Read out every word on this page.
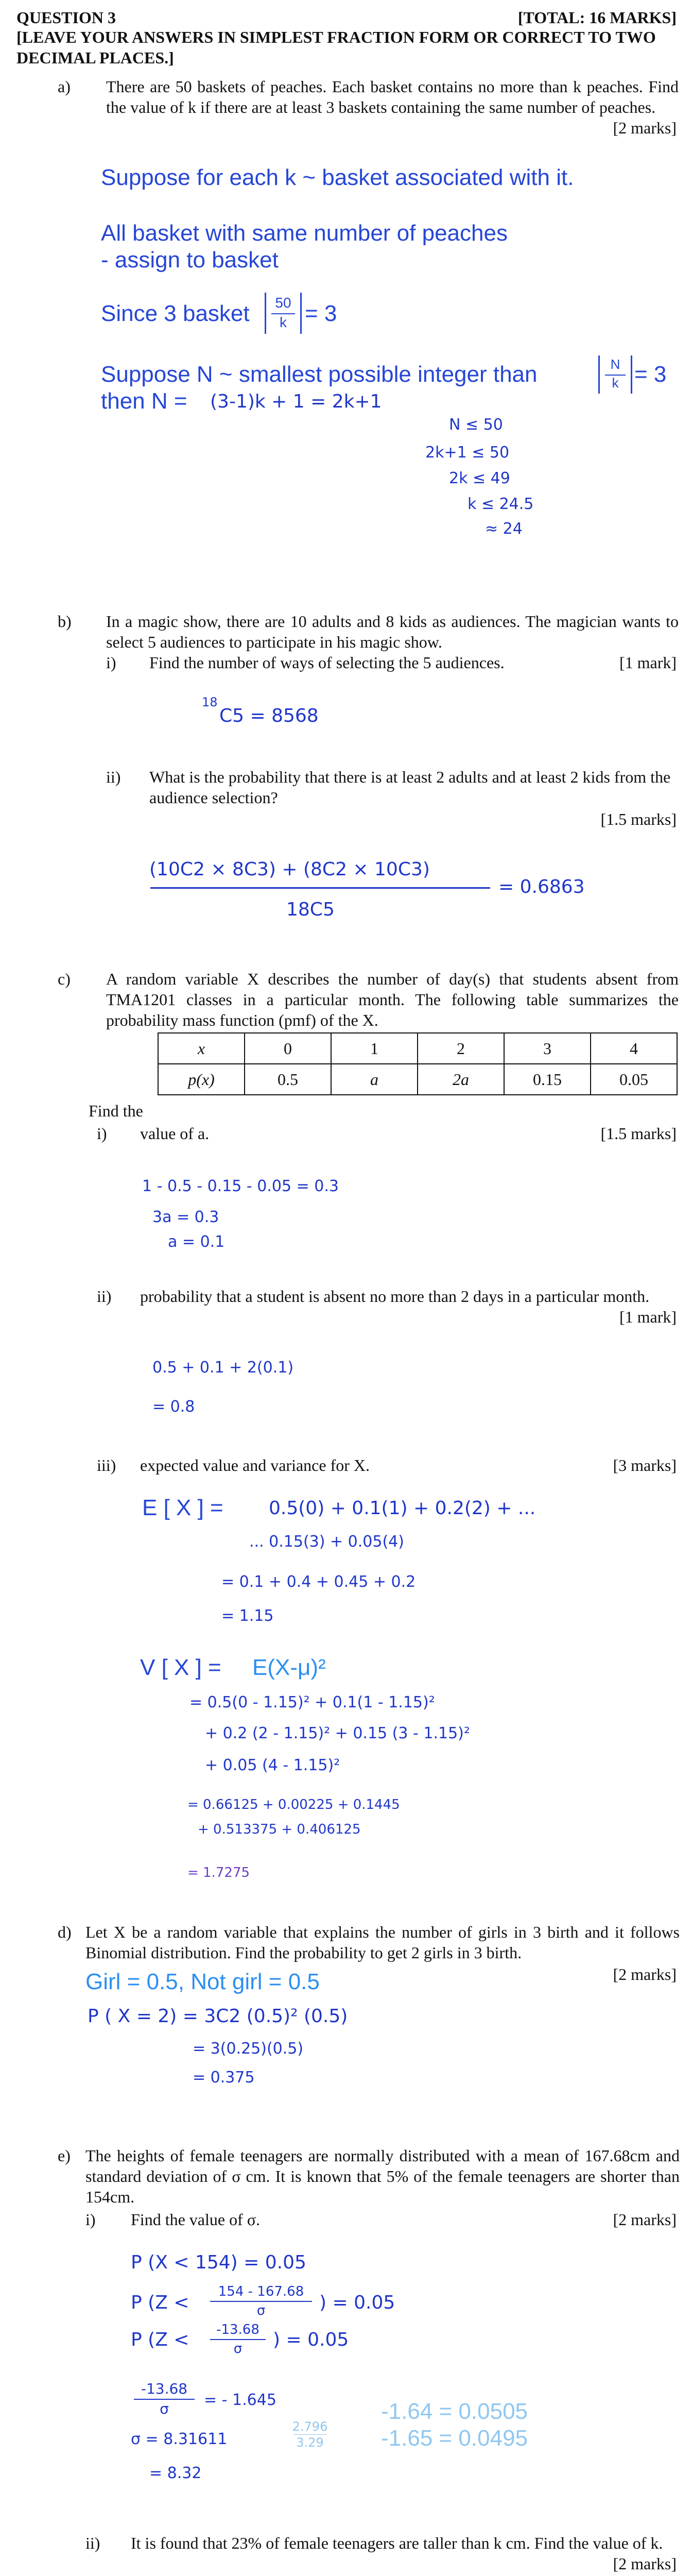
QUESTION 3	[TOTAL: 16 MARKS]
[LEAVE YOUR ANSWERS IN SIMPLEST FRACTION FORM OR CORRECT TO TWO DECIMAL PLACES.]
a) There are 50 baskets of peaches. Each basket contains no more than k peaches. Find the value of k if there are at least 3 baskets containing the same number of peaches.
[2 marks]
Suppose for each k ~ basket associated with it.
All basket with same number of peaches
- assign to basket
Since 3 basket	50
k = 3
Suppose N ~ smallest possible integer than	N
k = 3
then N = (3-1)k + 1 = 2k+1
N ≤ 50
2k+1 ≤ 50
2k ≤ 49
k ≤ 24.5
≈ 24
b) In a magic show, there are 10 adults and 8 kids as audiences. The magician wants to select 5 audiences to participate in his magic show.
i) Find the number of ways of selecting the 5 audiences.	[1 mark]
18
C5 = 8568
ii) What is the probability that there is at least 2 adults and at least 2 kids from the audience selection?
[1.5 marks]
(10C2 × 8C3) + (8C2 × 10C3)
18C5
= 0.6863
c) A random variable X describes the number of day(s) that students absent from TMA1201 classes in a particular month. The following table summarizes the probability mass function (pmf) of the X.
x	0	1	2	3	4
p(x)	0.5	a	2a	0.15	0.05
Find the
i) value of a.	[1.5 marks]
1 - 0.5 - 0.15 - 0.05 = 0.3
3a = 0.3
a = 0.1
ii) probability that a student is absent no more than 2 days in a particular month.
[1 mark]
0.5 + 0.1 + 2(0.1)
= 0.8
iii) expected value and variance for X.	[3 marks]
E [ X ] = 0.5(0) + 0.1(1) + 0.2(2) + ...
... 0.15(3) + 0.05(4)
= 0.1 + 0.4 + 0.45 + 0.2
= 1.15
V [ X ] = E(X-μ)²
= 0.5(0 - 1.15)² + 0.1(1 - 1.15)²
+ 0.2 (2 - 1.15)² + 0.15 (3 - 1.15)²
+ 0.05 (4 - 1.15)²
= 0.66125 + 0.00225 + 0.1445
+ 0.513375 + 0.406125
= 1.7275
d) Let X be a random variable that explains the number of girls in 3 birth and it follows Binomial distribution. Find the probability to get 2 girls in 3 birth.
Girl = 0.5, Not girl = 0.5	[2 marks]
P ( X = 2) = 3C2 (0.5)² (0.5)
= 3(0.25)(0.5)
= 0.375
e) The heights of female teenagers are normally distributed with a mean of 167.68cm and standard deviation of σ cm. It is known that 5% of the female teenagers are shorter than 154cm.
i) Find the value of σ.	[2 marks]
P (X < 154) = 0.05
P (Z <
154 - 167.68
σ	) = 0.05
P (Z <	-13.68
σ	) = 0.05
-13.68
σ	= - 1.645
σ = 8.31611
= 8.32
2.796
3.29
-1.64 = 0.0505
-1.65 = 0.0495
ii) It is found that 23% of female teenagers are taller than k cm. Find the value of k.
[2 marks]
